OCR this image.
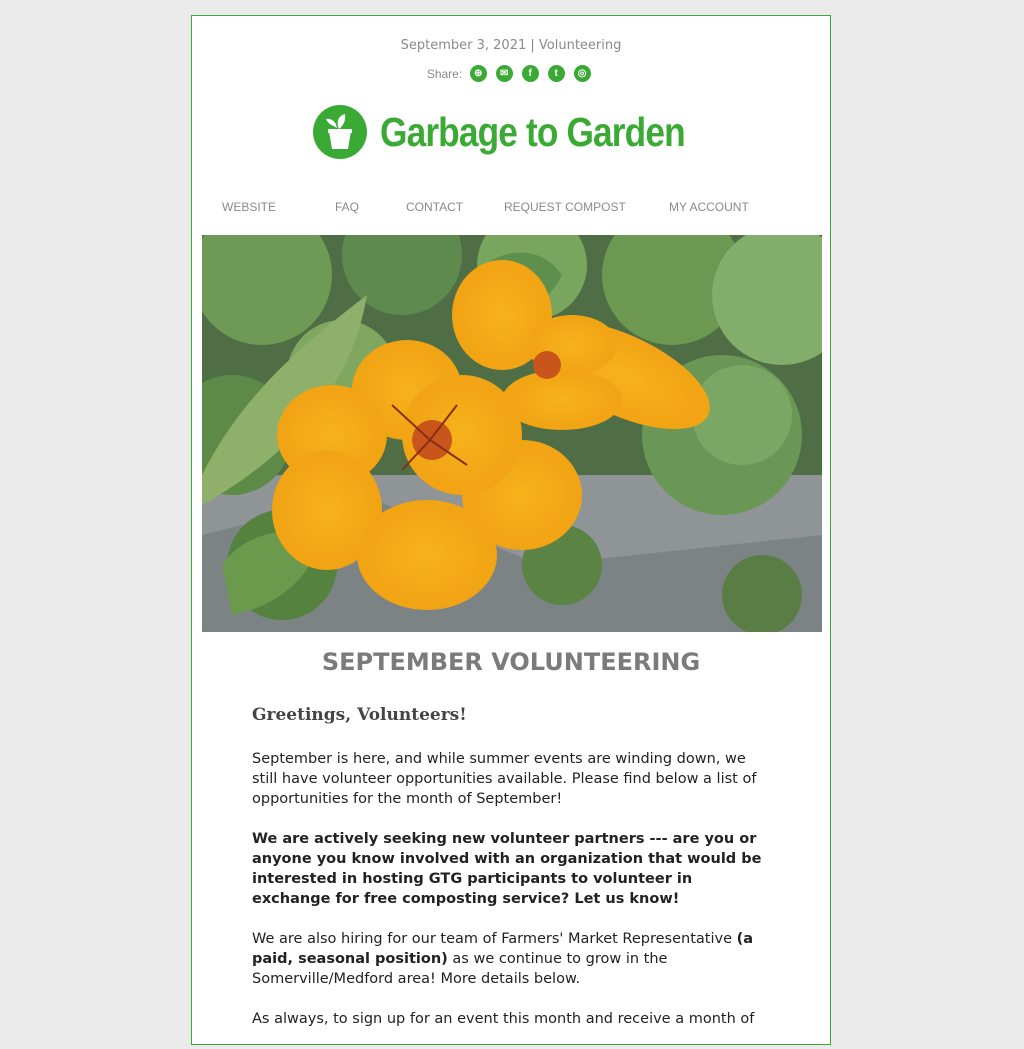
September 3, 2021 | Volunteering
Share:	⊕	✉	f	t	◎
Garbage to Garden
WEBSITE	FAQ	CONTACT	REQUEST COMPOST	MY ACCOUNT
SEPTEMBER VOLUNTEERING

Greetings, Volunteers!

September is here, and while summer events are winding down, we still have volunteer opportunities available. Please find below a list of opportunities for the month of September!

We are actively seeking new volunteer partners --- are you or anyone you know involved with an organization that would be interested in hosting GTG participants to volunteer in exchange for free composting service? Let us know!

We are also hiring for our team of Farmers' Market Representative (a paid, seasonal position) as we continue to grow in the Somerville/Medford area! More details below.

As always, to sign up for an event this month and receive a month of
